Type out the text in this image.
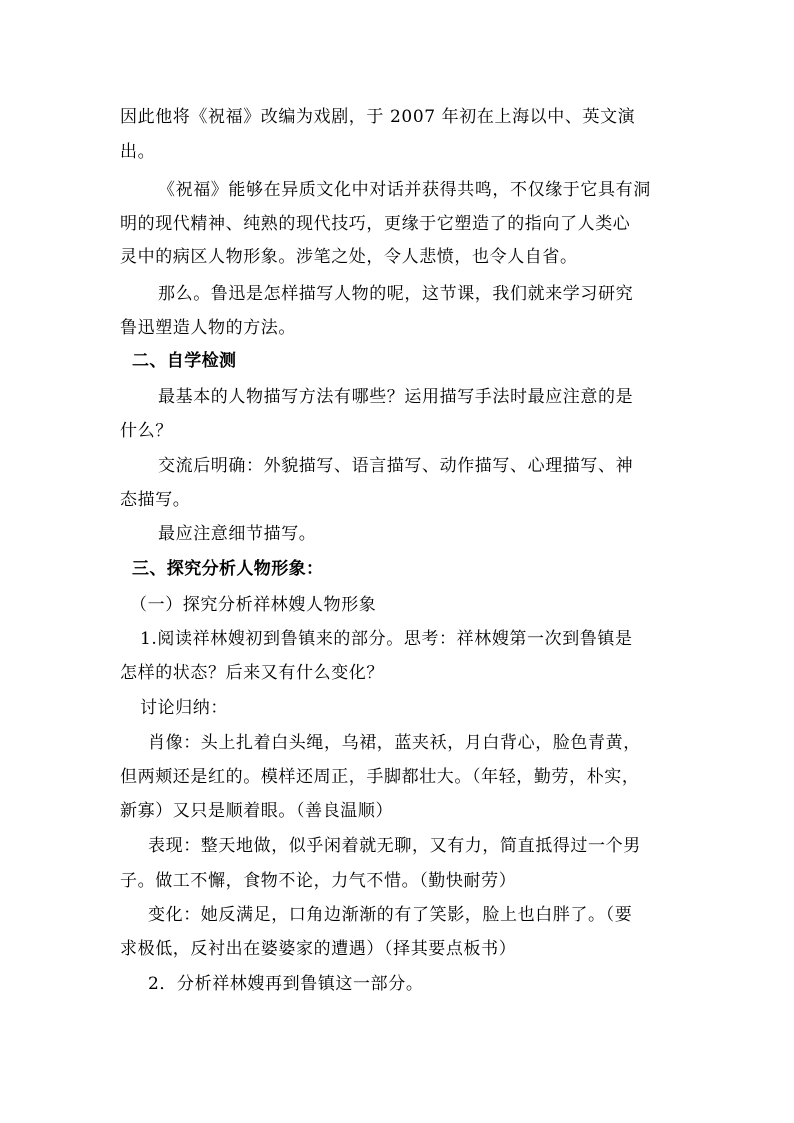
因此他将《祝福》改编为戏剧，于 2007 年初在上海以中、英文演
出。
《祝福》能够在异质文化中对话并获得共鸣，不仅缘于它具有洞
明的现代精神、纯熟的现代技巧，更缘于它塑造了的指向了人类心
灵中的病区人物形象。涉笔之处，令人悲愤，也令人自省。
那么。鲁迅是怎样描写人物的呢，这节课，我们就来学习研究
鲁迅塑造人物的方法。
二、自学检测
最基本的人物描写方法有哪些？运用描写手法时最应注意的是
什么？
交流后明确：外貌描写、语言描写、动作描写、心理描写、神
态描写。
最应注意细节描写。
三、探究分析人物形象：
（一）探究分析祥林嫂人物形象
1.阅读祥林嫂初到鲁镇来的部分。思考：祥林嫂第一次到鲁镇是
怎样的状态？后来又有什么变化？
讨论归纳：
肖像：头上扎着白头绳，乌裙，蓝夹袄，月白背心，脸色青黄，
但两颊还是红的。模样还周正，手脚都壮大。（年轻，勤劳，朴实，
新寡）又只是顺着眼。（善良温顺）
表现：整天地做，似乎闲着就无聊，又有力，简直抵得过一个男
子。做工不懈，食物不论，力气不惜。（勤快耐劳）
变化：她反满足，口角边渐渐的有了笑影，脸上也白胖了。（要
求极低，反衬出在婆婆家的遭遇）（择其要点板书）
2．分析祥林嫂再到鲁镇这一部分。
